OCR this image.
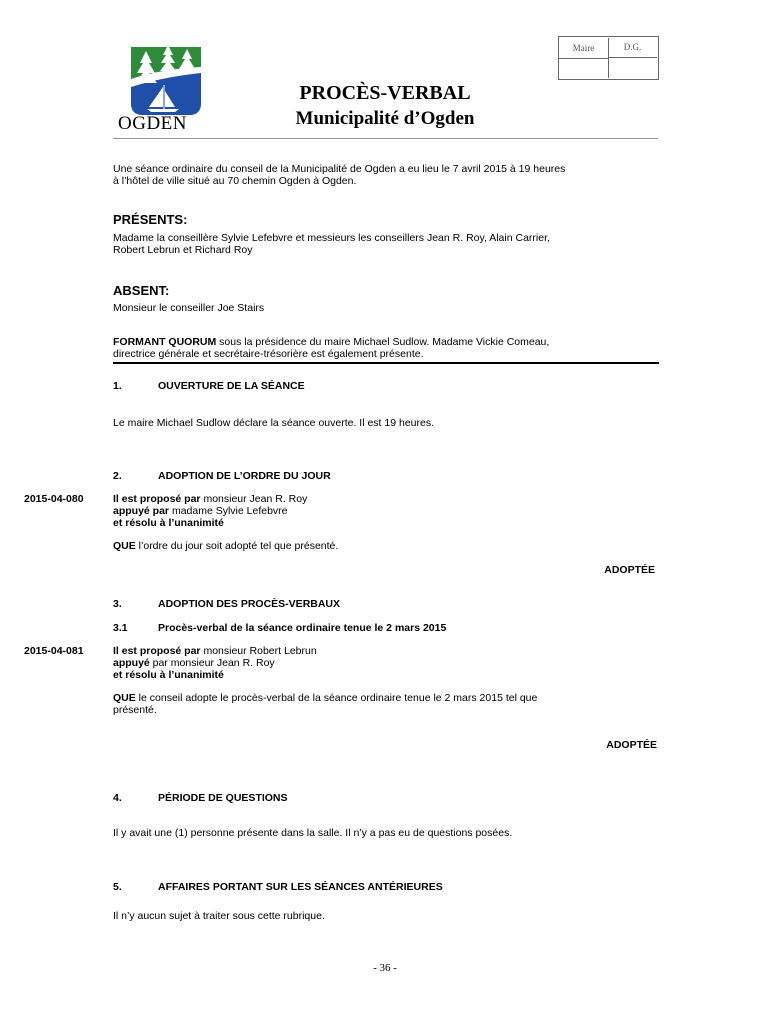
OGDEN
Maire	D.G.
PROCÈS-VERBAL
Municipalité d’Ogden
Une séance ordinaire du conseil de la Municipalité de Ogden a eu lieu le 7 avril 2015 à 19 heures
à l’hôtel de ville situé au 70 chemin Ogden à Ogden.
PRÉSENTS:
Madame la conseillère Sylvie Lefebvre et messieurs les conseillers Jean R. Roy, Alain Carrier,
Robert Lebrun et Richard Roy
ABSENT:
Monsieur le conseiller Joe Stairs
FORMANT QUORUM sous la présidence du maire Michael Sudlow. Madame Vickie Comeau,
directrice générale et secrétaire-trésorière est également présente.
1.	OUVERTURE DE LA SÉANCE
Le maire Michael Sudlow déclare la séance ouverte. Il est 19 heures.
2.	ADOPTION DE L’ORDRE DU JOUR
2015-04-080	Il est proposé par monsieur Jean R. Roy
appuyé par madame Sylvie Lefebvre
et résolu à l’unanimité
QUE l’ordre du jour soit adopté tel que présenté.
ADOPTÉE
3.	ADOPTION DES PROCÈS-VERBAUX
3.1	Procès-verbal de la séance ordinaire tenue le 2 mars 2015
2015-04-081	Il est proposé par monsieur Robert Lebrun
appuyé par monsieur Jean R. Roy
et résolu à l’unanimité
QUE le conseil adopte le procès-verbal de la séance ordinaire tenue le 2 mars 2015 tel que
présenté.
ADOPTÉE
4.	PÉRIODE DE QUESTIONS
Il y avait une (1) personne présente dans la salle. Il n’y a pas eu de questions posées.
5.	AFFAIRES PORTANT SUR LES SÉANCES ANTÉRIEURES
Il n’y aucun sujet à traiter sous cette rubrique.
- 36 -
